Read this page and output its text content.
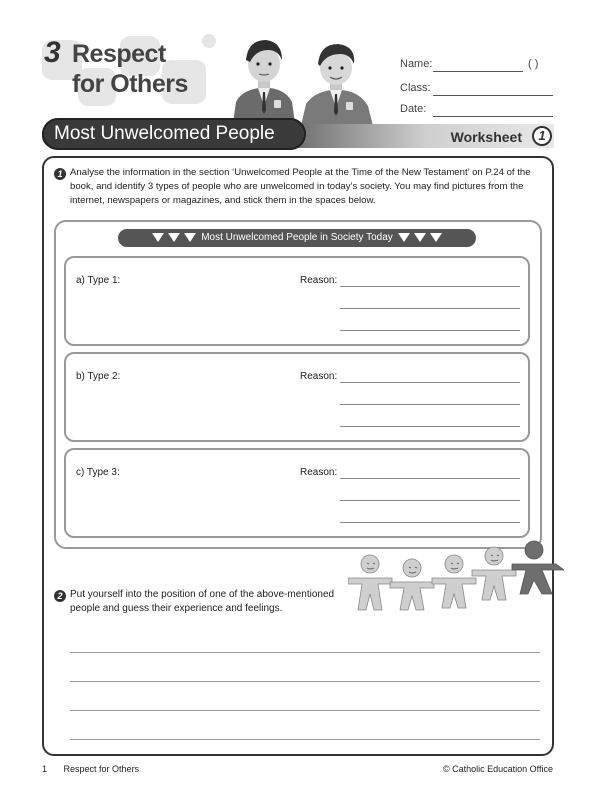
3 Respect
for Others
Name:	( )
Class:
Date:
Most Unwelcomed People	Worksheet	1
1 Analyse the information in the section ‘Unwelcomed People at the Time of the New Testament’ on P.24 of the book, and identify 3 types of people who are unwelcomed in today’s society. You may find pictures from the internet, newspapers or magazines, and stick them in the spaces below.

Most Unwelcomed People in Society Today
a) Type 1:	Reason:
b) Type 2:	Reason:
c) Type 3:	Reason:
2 Put yourself into the position of one of the above-mentioned people and guess their experience and feelings.

1 Respect for Others	© Catholic Education Office
